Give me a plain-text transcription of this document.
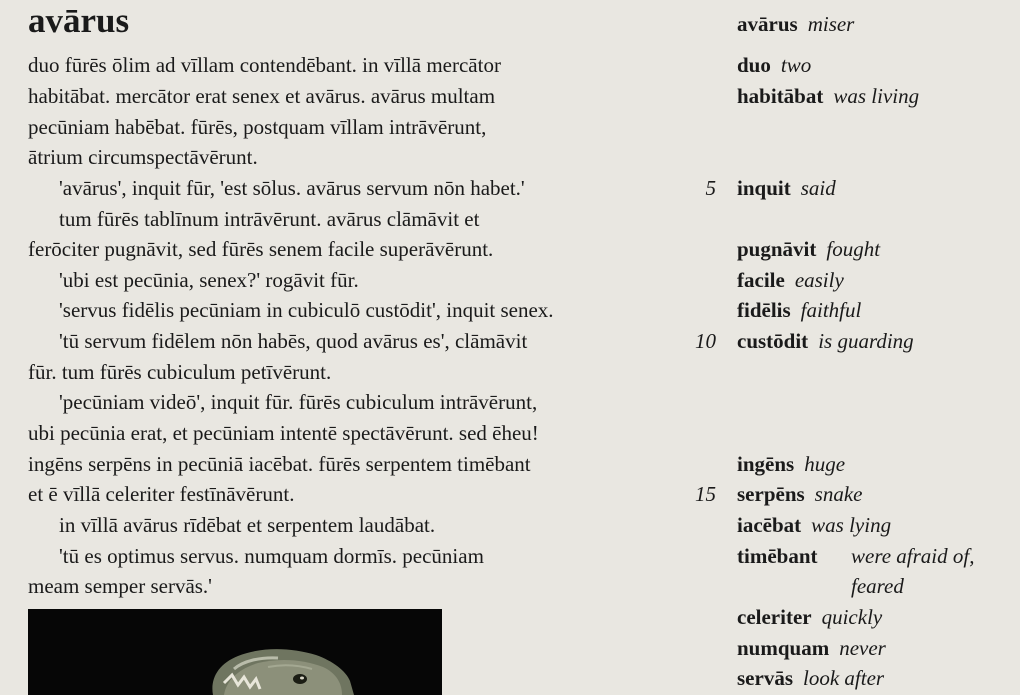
avārus
duo fūrēs ōlim ad vīllam contendēbant. in vīllā mercātor
habitābat. mercātor erat senex et avārus. avārus multam
pecūniam habēbat. fūrēs, postquam vīllam intrāvērunt,
ātrium circumspectāvērunt.
'avārus', inquit fūr, 'est sōlus. avārus servum nōn habet.'
tum fūrēs tablīnum intrāvērunt. avārus clāmāvit et
ferōciter pugnāvit, sed fūrēs senem facile superāvērunt.
'ubi est pecūnia, senex?' rogāvit fūr.
'servus fidēlis pecūniam in cubiculō custōdit', inquit senex.
'tū servum fidēlem nōn habēs, quod avārus es', clāmāvit
fūr. tum fūrēs cubiculum petīvērunt.
'pecūniam videō', inquit fūr. fūrēs cubiculum intrāvērunt,
ubi pecūnia erat, et pecūniam intentē spectāvērunt. sed ēheu!
ingēns serpēns in pecūniā iacēbat. fūrēs serpentem timēbant
et ē vīllā celeriter festīnāvērunt.
in vīllā avārus rīdēbat et serpentem laudābat.
'tū es optimus servus. numquam dormīs. pecūniam
meam semper servās.'
5
10
15
avārus miser
duo two
habitābat was living
inquit said
pugnāvit fought
facile easily
fidēlis faithful
custōdit is guarding
ingēns huge
serpēns snake
iacēbat was lying
timēbant were afraid of, feared
celeriter quickly
numquam never
servās look after
